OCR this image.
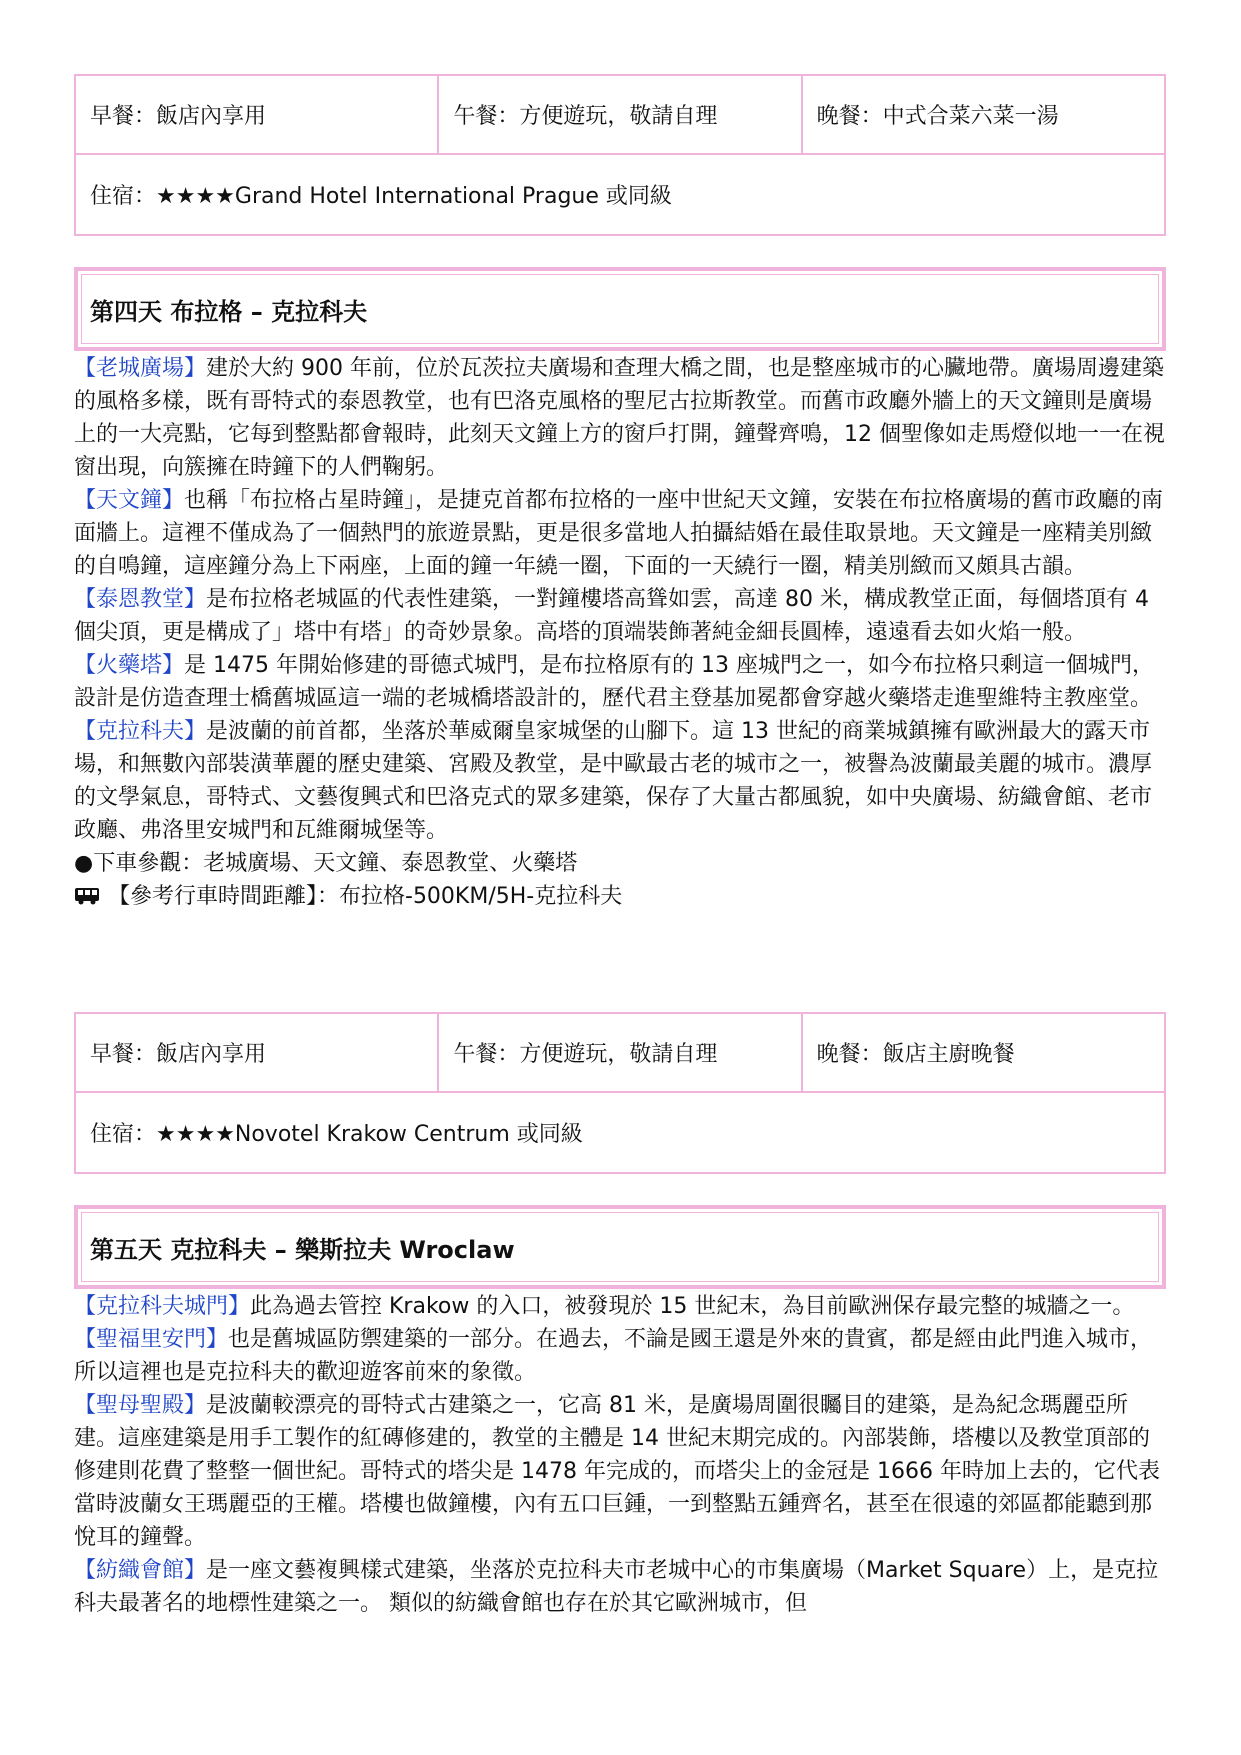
早餐：飯店內享用	午餐：方便遊玩，敬請自理	晚餐：中式合菜六菜一湯
住宿：★★★★Grand Hotel International Prague 或同級
第四天 布拉格 – 克拉科夫

【老城廣場】建於大約 900 年前，位於瓦茨拉夫廣場和查理大橋之間，也是整座城市的心臟地帶。廣場周邊建築的風格多樣，既有哥特式的泰恩教堂，也有巴洛克風格的聖尼古拉斯教堂。而舊市政廳外牆上的天文鐘則是廣場上的一大亮點，它每到整點都會報時，此刻天文鐘上方的窗戶打開，鐘聲齊鳴，12 個聖像如走馬燈似地一一在視窗出現，向簇擁在時鐘下的人們鞠躬。

【天文鐘】也稱「布拉格占星時鐘」，是捷克首都布拉格的一座中世紀天文鐘，安裝在布拉格廣場的舊市政廳的南面牆上。這裡不僅成為了一個熱門的旅遊景點，更是很多當地人拍攝結婚在最佳取景地。天文鐘是一座精美別緻的自鳴鐘，這座鐘分為上下兩座，上面的鐘一年繞一圈，下面的一天繞行一圈，精美別緻而又頗具古韻。

【泰恩教堂】是布拉格老城區的代表性建築，一對鐘樓塔高聳如雲，高達 80 米，構成教堂正面，每個塔頂有 4 個尖頂，更是構成了」塔中有塔」的奇妙景象。高塔的頂端裝飾著純金細長圓棒，遠遠看去如火焰一般。

【火藥塔】是 1475 年開始修建的哥德式城門，是布拉格原有的 13 座城門之一，如今布拉格只剩這一個城門，設計是仿造查理士橋舊城區這一端的老城橋塔設計的，歷代君主登基加冕都會穿越火藥塔走進聖維特主教座堂。

【克拉科夫】是波蘭的前首都，坐落於華威爾皇家城堡的山腳下。這 13 世紀的商業城鎮擁有歐洲最大的露天市場，和無數內部裝潢華麗的歷史建築、宮殿及教堂，是中歐最古老的城市之一，被譽為波蘭最美麗的城市。濃厚的文學氣息，哥特式、文藝復興式和巴洛克式的眾多建築，保存了大量古都風貌，如中央廣場、紡織會館、老市政廳、弗洛里安城門和瓦維爾城堡等。

●下車參觀：老城廣場、天文鐘、泰恩教堂、火藥塔

【參考行車時間距離】：布拉格-500KM/5H-克拉科夫

早餐：飯店內享用	午餐：方便遊玩，敬請自理	晚餐：飯店主廚晚餐
住宿：★★★★Novotel Krakow Centrum 或同級
第五天 克拉科夫 – 樂斯拉夫 Wroclaw

【克拉科夫城門】此為過去管控 Krakow 的入口，被發現於 15 世紀末，為目前歐洲保存最完整的城牆之一。

【聖福里安門】也是舊城區防禦建築的一部分。在過去，不論是國王還是外來的貴賓，都是經由此門進入城市，所以這裡也是克拉科夫的歡迎遊客前來的象徵。

【聖母聖殿】是波蘭較漂亮的哥特式古建築之一，它高 81 米，是廣場周圍很矚目的建築，是為紀念瑪麗亞所建。這座建築是用手工製作的紅磚修建的，教堂的主體是 14 世紀末期完成的。內部裝飾，塔樓以及教堂頂部的修建則花費了整整一個世紀。哥特式的塔尖是 1478 年完成的，而塔尖上的金冠是 1666 年時加上去的，它代表當時波蘭女王瑪麗亞的王權。塔樓也做鐘樓，內有五口巨鍾，一到整點五鍾齊名，甚至在很遠的郊區都能聽到那悅耳的鐘聲。

【紡織會館】是一座文藝複興樣式建築，坐落於克拉科夫市老城中心的市集廣場（Market Square）上，是克拉科夫最著名的地標性建築之一。 類似的紡織會館也存在於其它歐洲城市，但
